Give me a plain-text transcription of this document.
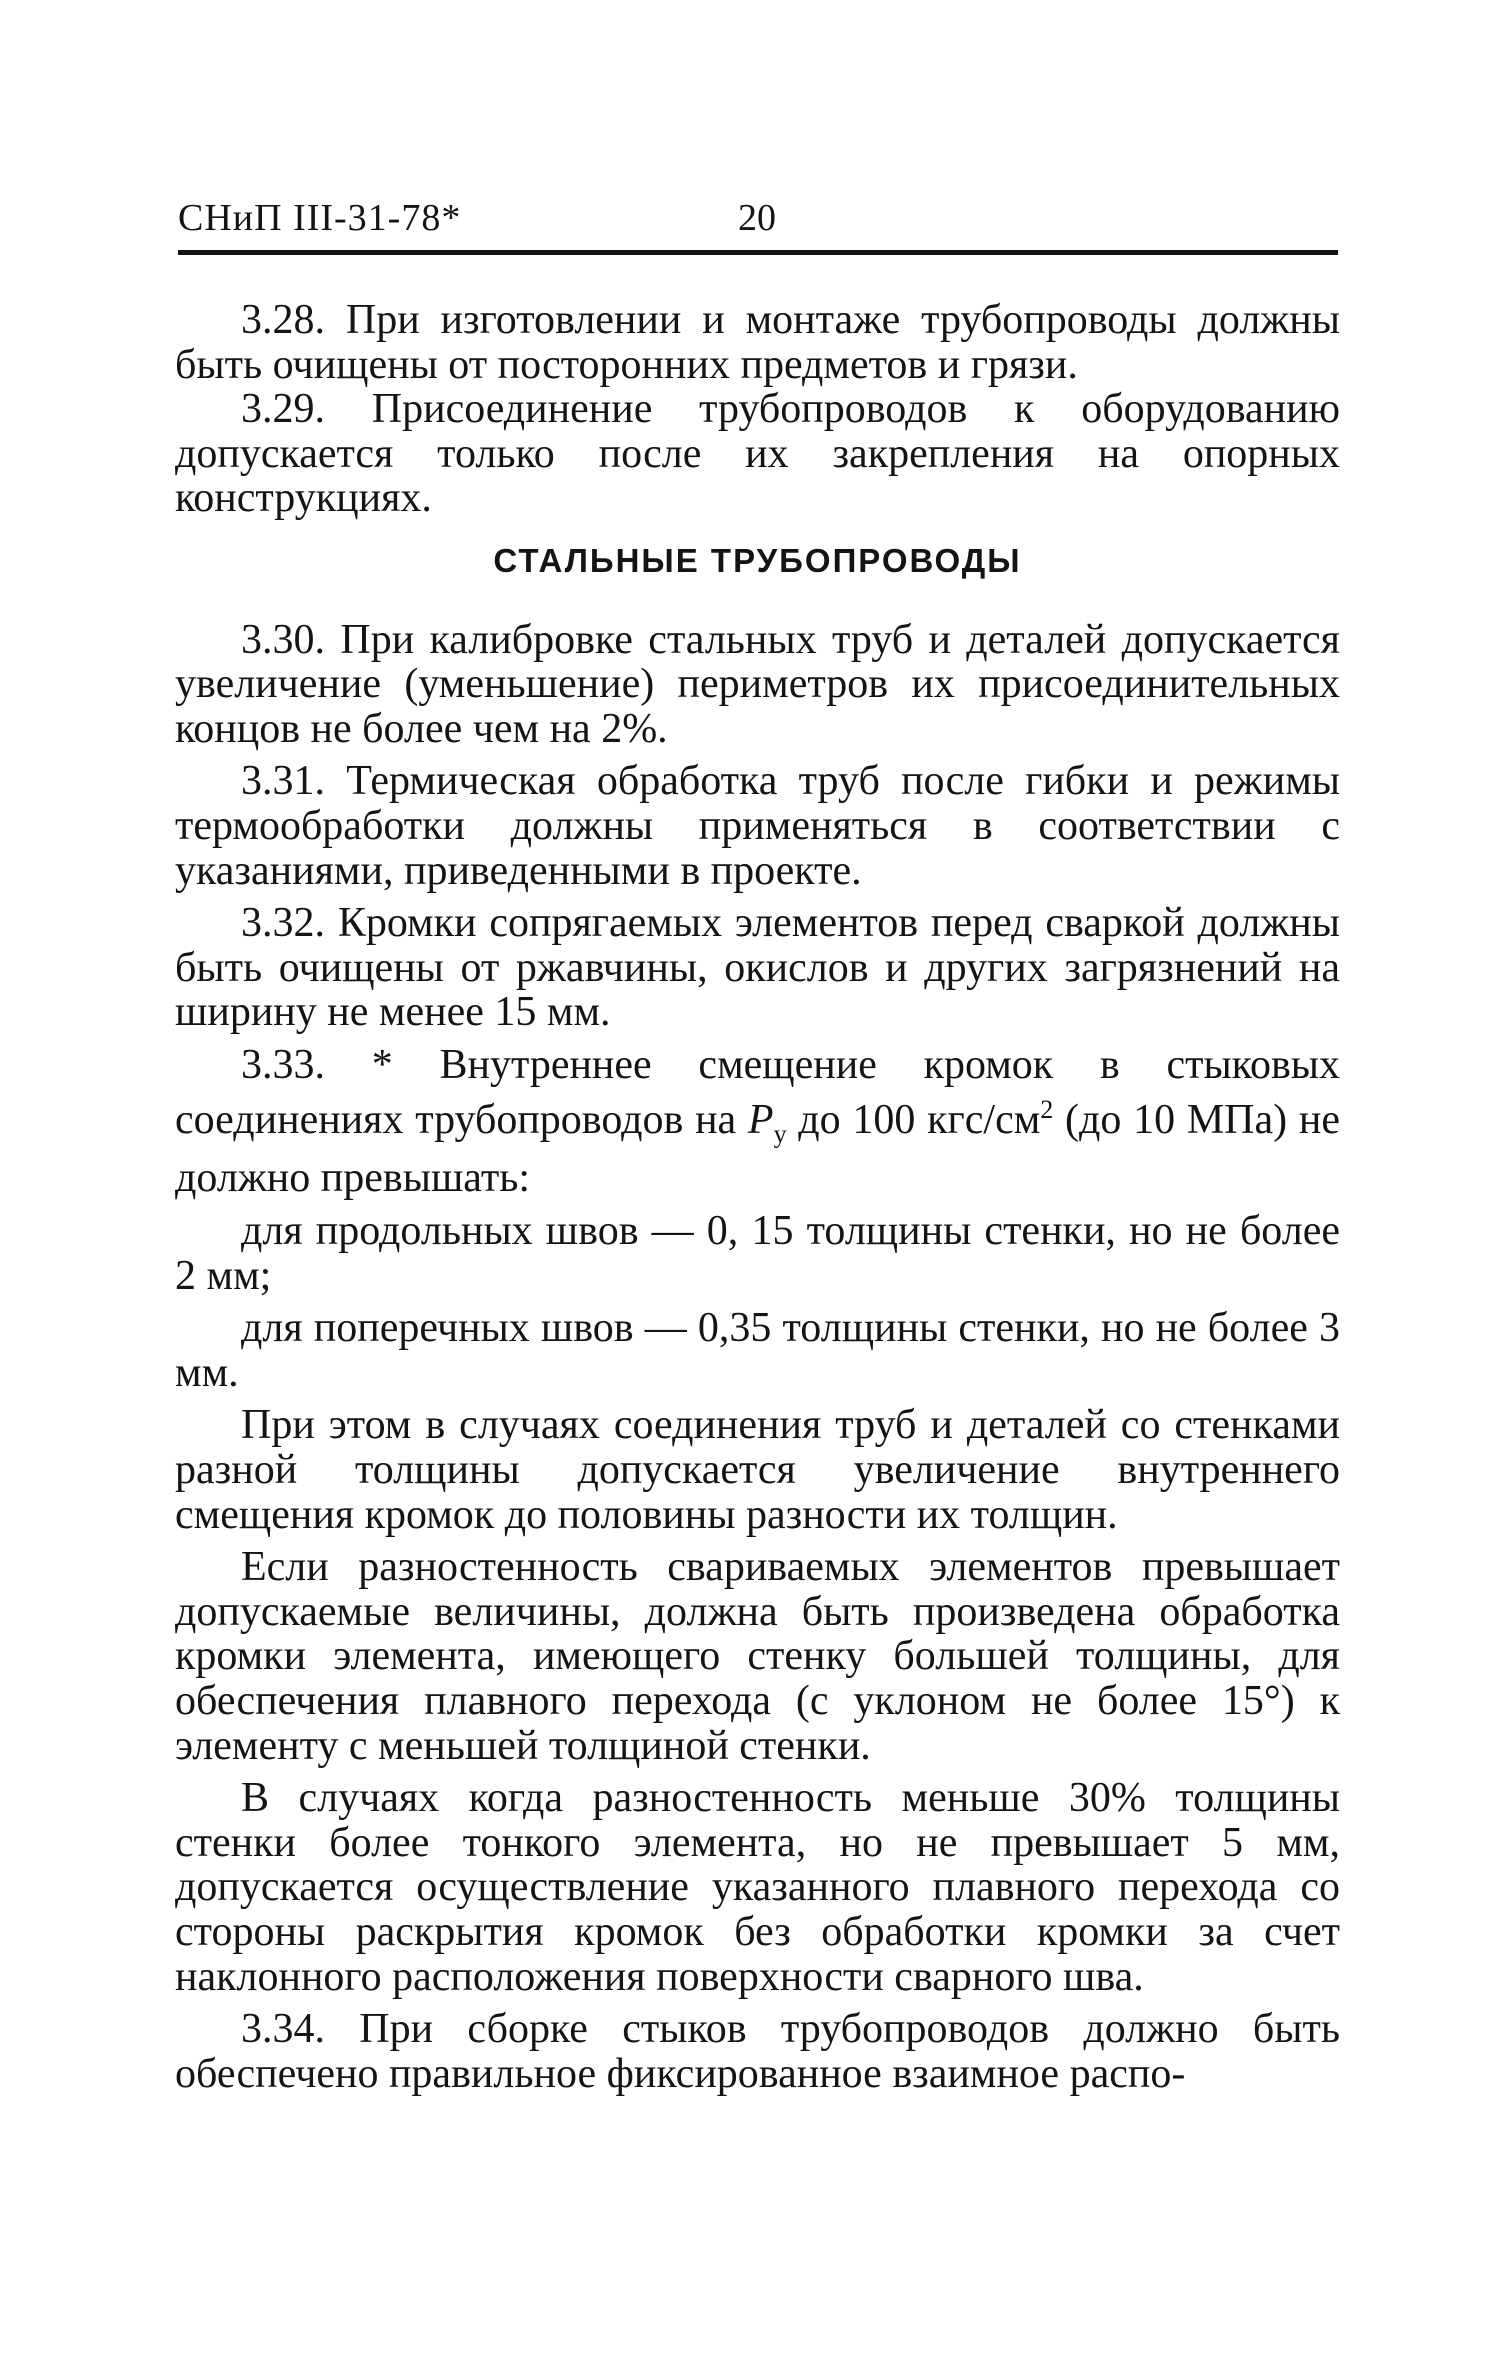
СНиП III-31-78*	20

3.28. При изготовлении и монтаже трубопроводы должны быть очищены от посторонних предметов и грязи.

3.29. Присоединение трубопроводов к оборудованию допускается только после их закрепления на опорных конструкциях.

СТАЛЬНЫЕ ТРУБОПРОВОДЫ

3.30. При калибровке стальных труб и деталей допускается увеличение (уменьшение) периметров их присоединительных концов не более чем на 2%.

3.31. Термическая обработка труб после гибки и режимы термообработки должны применяться в соответствии с указаниями, приведенными в проекте.

3.32. Кромки сопрягаемых элементов перед сваркой должны быть очищены от ржавчины, окислов и других загрязнений на ширину не менее 15 мм.

3.33. * Внутреннее смещение кромок в стыковых соединениях трубопроводов на $P_у$ до 100 кгс/$см^2$ (до 10 МПа) не должно превышать:

для продольных швов — 0, 15 толщины стенки, но не более 2 мм;

для поперечных швов — 0,35 толщины стенки, но не более 3 мм.

При этом в случаях соединения труб и деталей со стенками разной толщины допускается увеличение внутреннего смещения кромок до половины разности их толщин.

Если разностенность свариваемых элементов превышает допускаемые величины, должна быть произведена обработка кромки элемента, имеющего стенку большей толщины, для обеспечения плавного перехода (с уклоном не более 15°) к элементу с меньшей толщиной стенки.

В случаях когда разностенность меньше 30% толщины стенки более тонкого элемента, но не превышает 5 мм, допускается осуществление указанного плавного перехода со стороны раскрытия кромок без обработки кромки за счет наклонного расположения поверхности сварного шва.

3.34. При сборке стыков трубопроводов должно быть обеспечено правильное фиксированное взаимное распо-
